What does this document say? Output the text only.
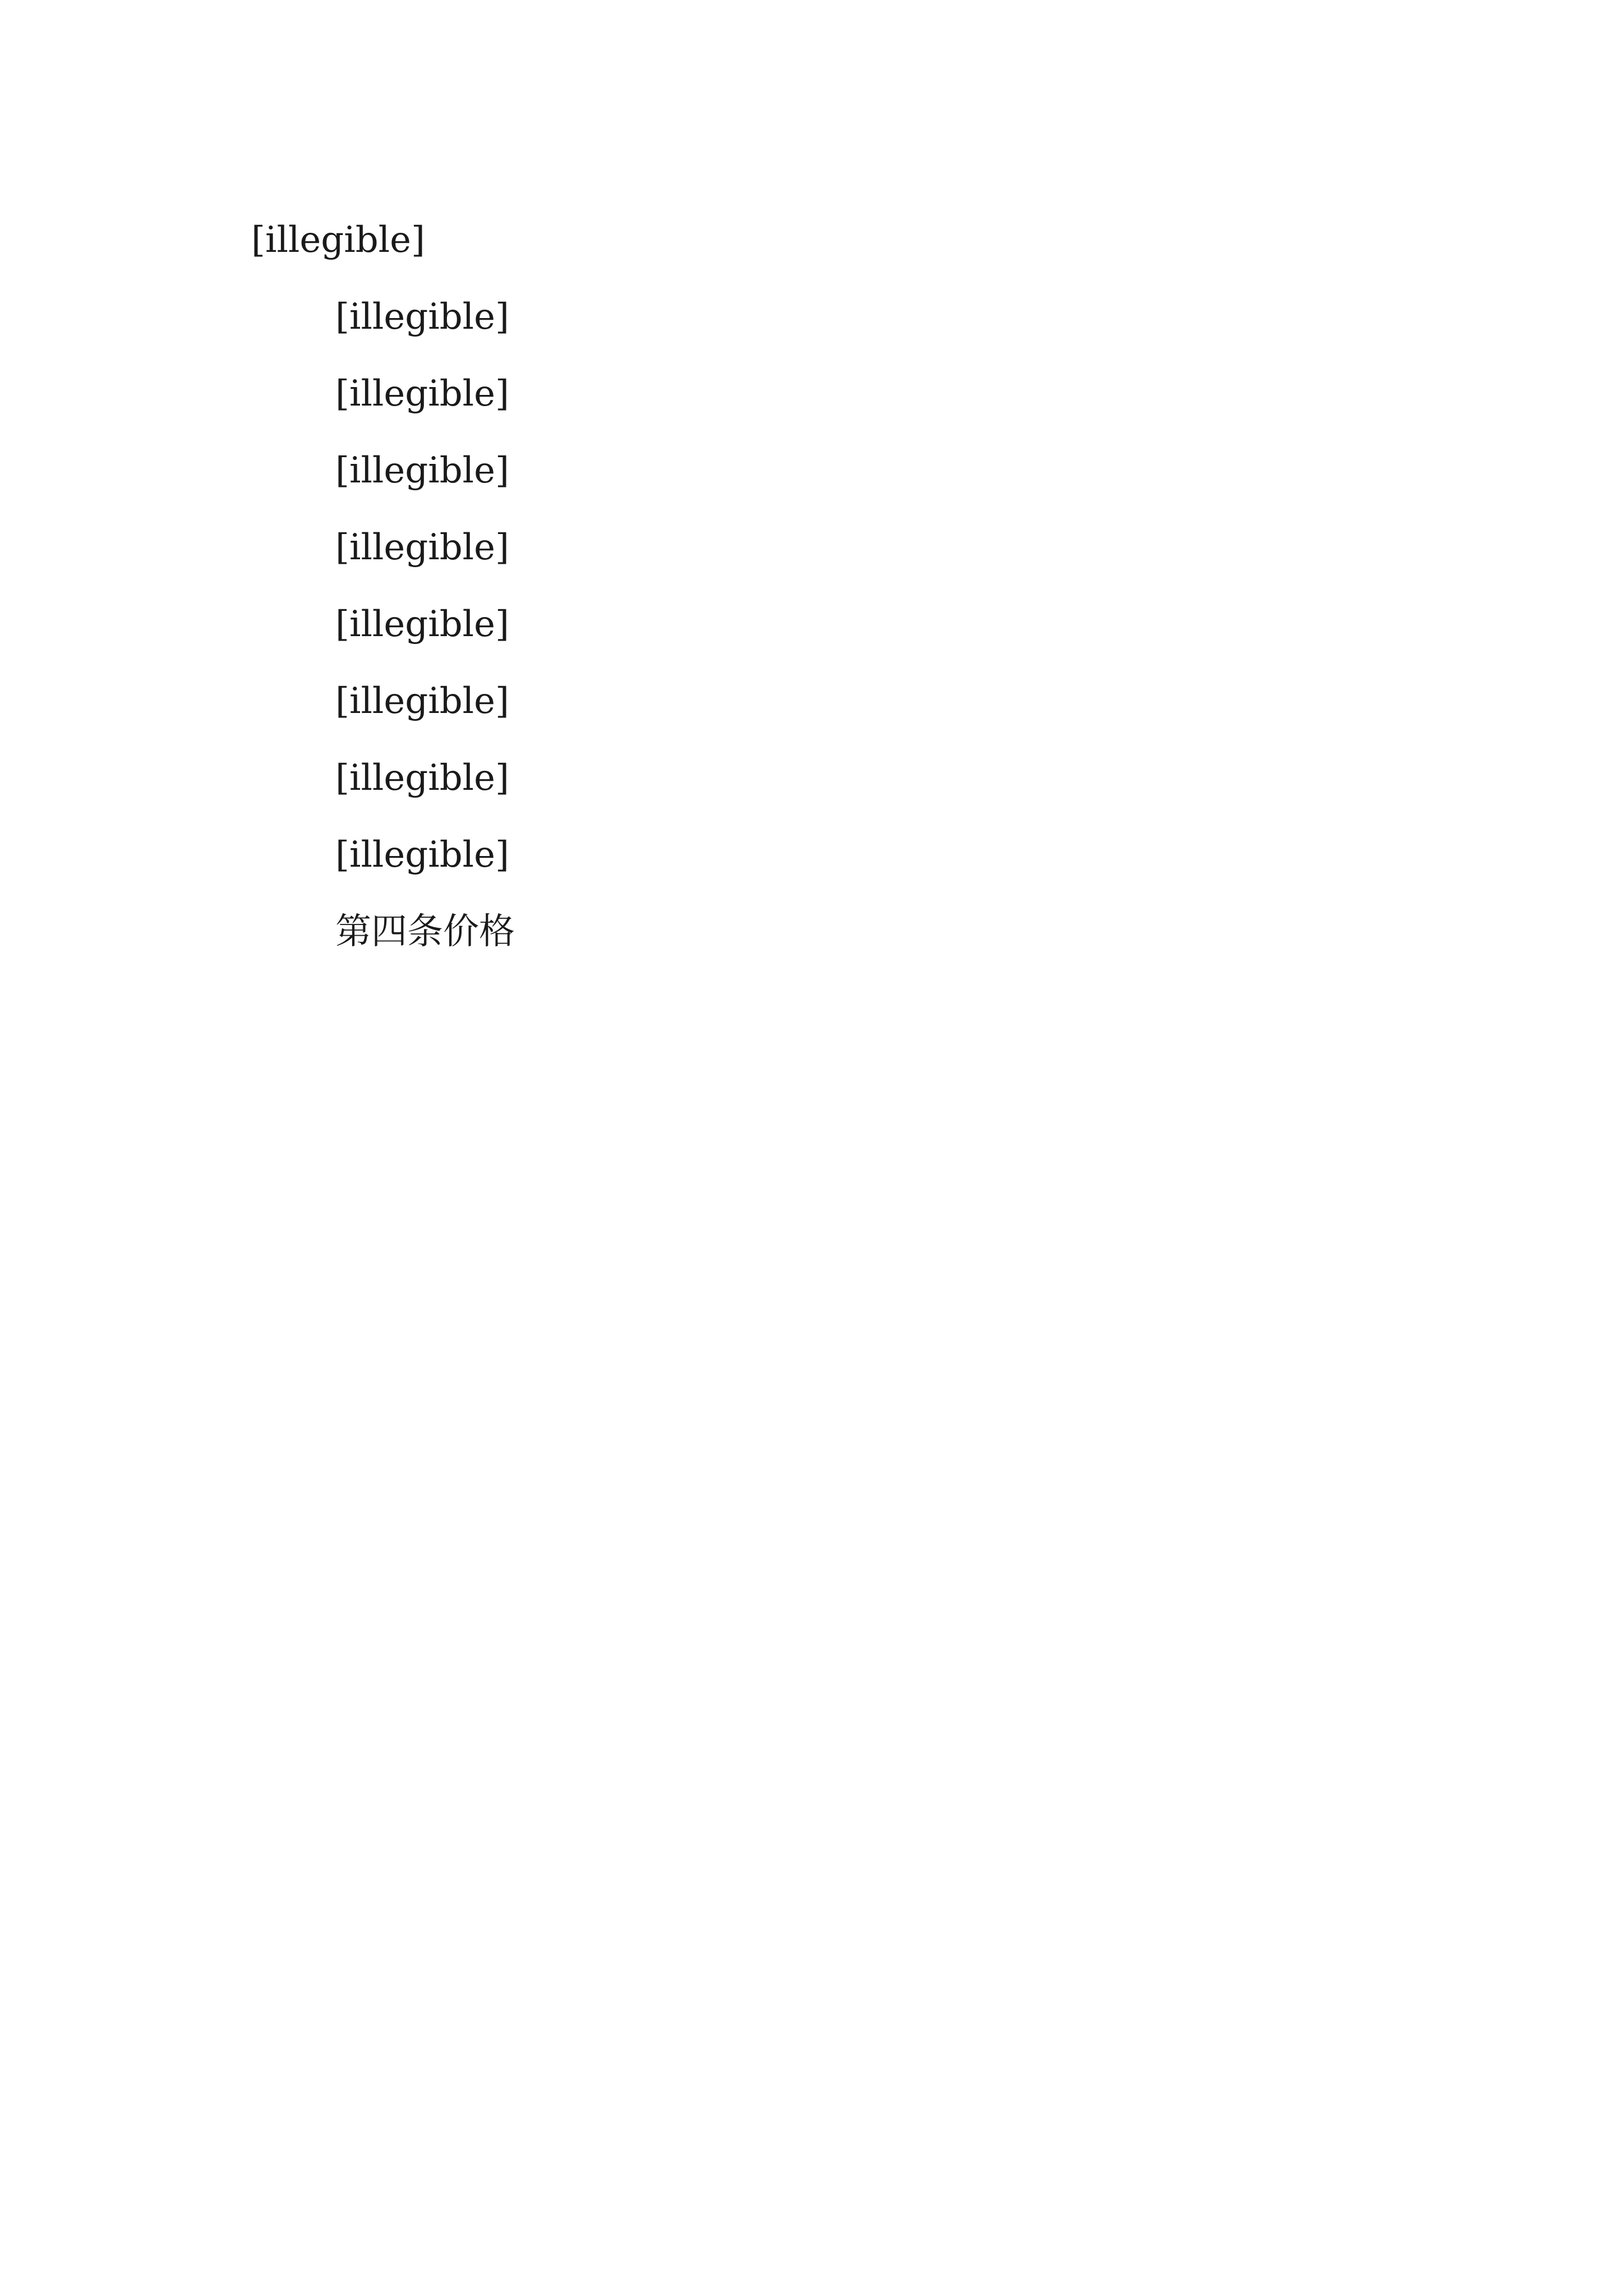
[illegible]

[illegible]

[illegible]

[illegible]

[illegible]

[illegible]

[illegible]

[illegible]

[illegible]

第四条价格
